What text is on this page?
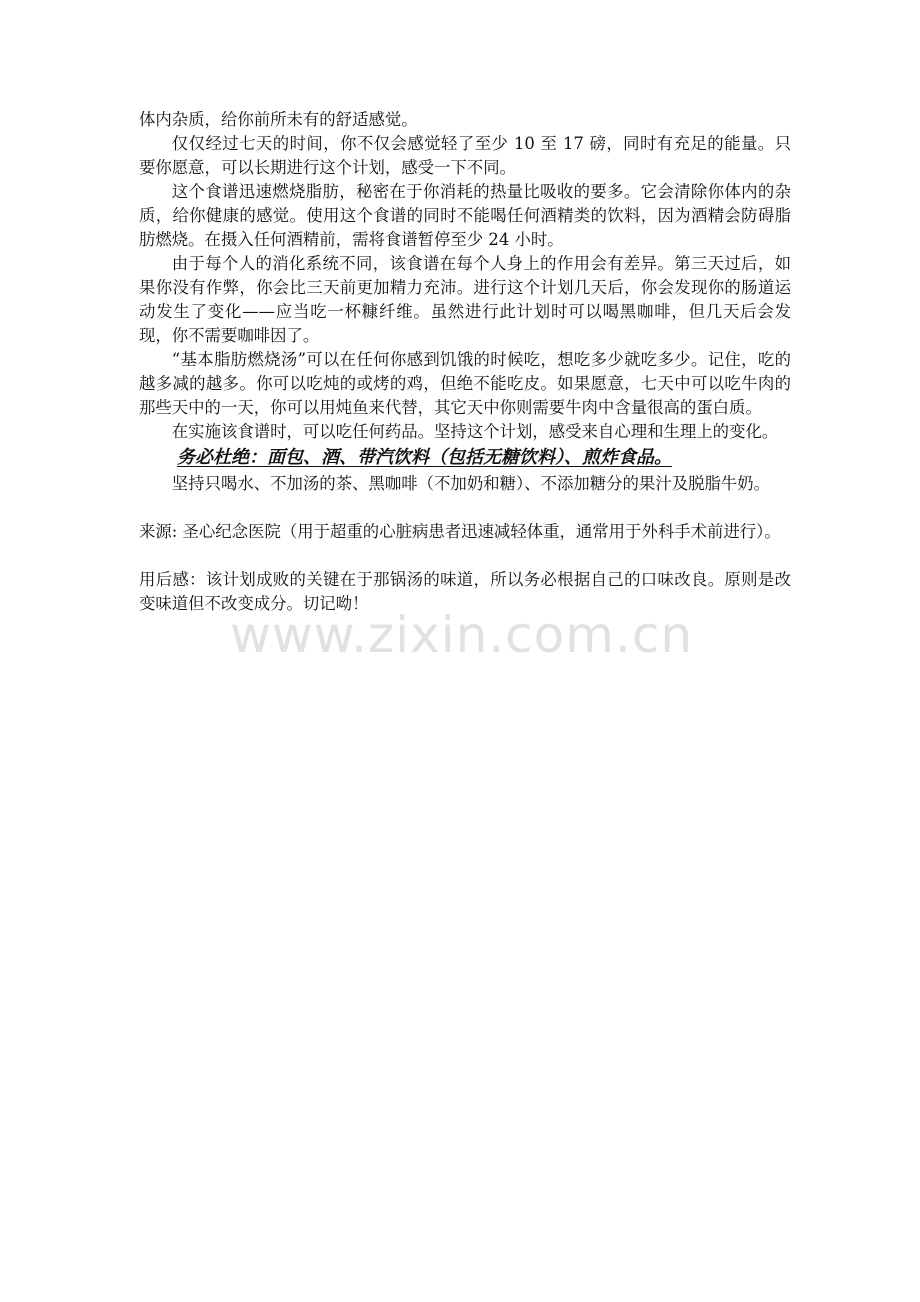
体内杂质，给你前所未有的舒适感觉。

仅仅经过七天的时间，你不仅会感觉轻了至少 10 至 17 磅，同时有充足的能量。只要你愿意，可以长期进行这个计划，感受一下不同。

这个食谱迅速燃烧脂肪，秘密在于你消耗的热量比吸收的要多。它会清除你体内的杂质，给你健康的感觉。使用这个食谱的同时不能喝任何酒精类的饮料，因为酒精会防碍脂肪燃烧。在摄入任何酒精前，需将食谱暂停至少 24 小时。

由于每个人的消化系统不同，该食谱在每个人身上的作用会有差异。第三天过后，如果你没有作弊，你会比三天前更加精力充沛。进行这个计划几天后，你会发现你的肠道运动发生了变化——应当吃一杯糠纤维。虽然进行此计划时可以喝黑咖啡，但几天后会发现，你不需要咖啡因了。

“基本脂肪燃烧汤”可以在任何你感到饥饿的时候吃，想吃多少就吃多少。记住，吃的越多减的越多。你可以吃炖的或烤的鸡，但绝不能吃皮。如果愿意，七天中可以吃牛肉的那些天中的一天，你可以用炖鱼来代替，其它天中你则需要牛肉中含量很高的蛋白质。

在实施该食谱时，可以吃任何药品。坚持这个计划，感受来自心理和生理上的变化。

务必杜绝：面包、酒、带汽饮料（包括无糖饮料）、煎炸食品。

坚持只喝水、不加汤的茶、黑咖啡（不加奶和糖）、不添加糖分的果汁及脱脂牛奶。

来源: 圣心纪念医院（用于超重的心脏病患者迅速减轻体重，通常用于外科手术前进行）。

用后感：该计划成败的关键在于那锅汤的味道，所以务必根据自己的口味改良。原则是改变味道但不改变成分。切记呦！

www.zixin.com.cn
